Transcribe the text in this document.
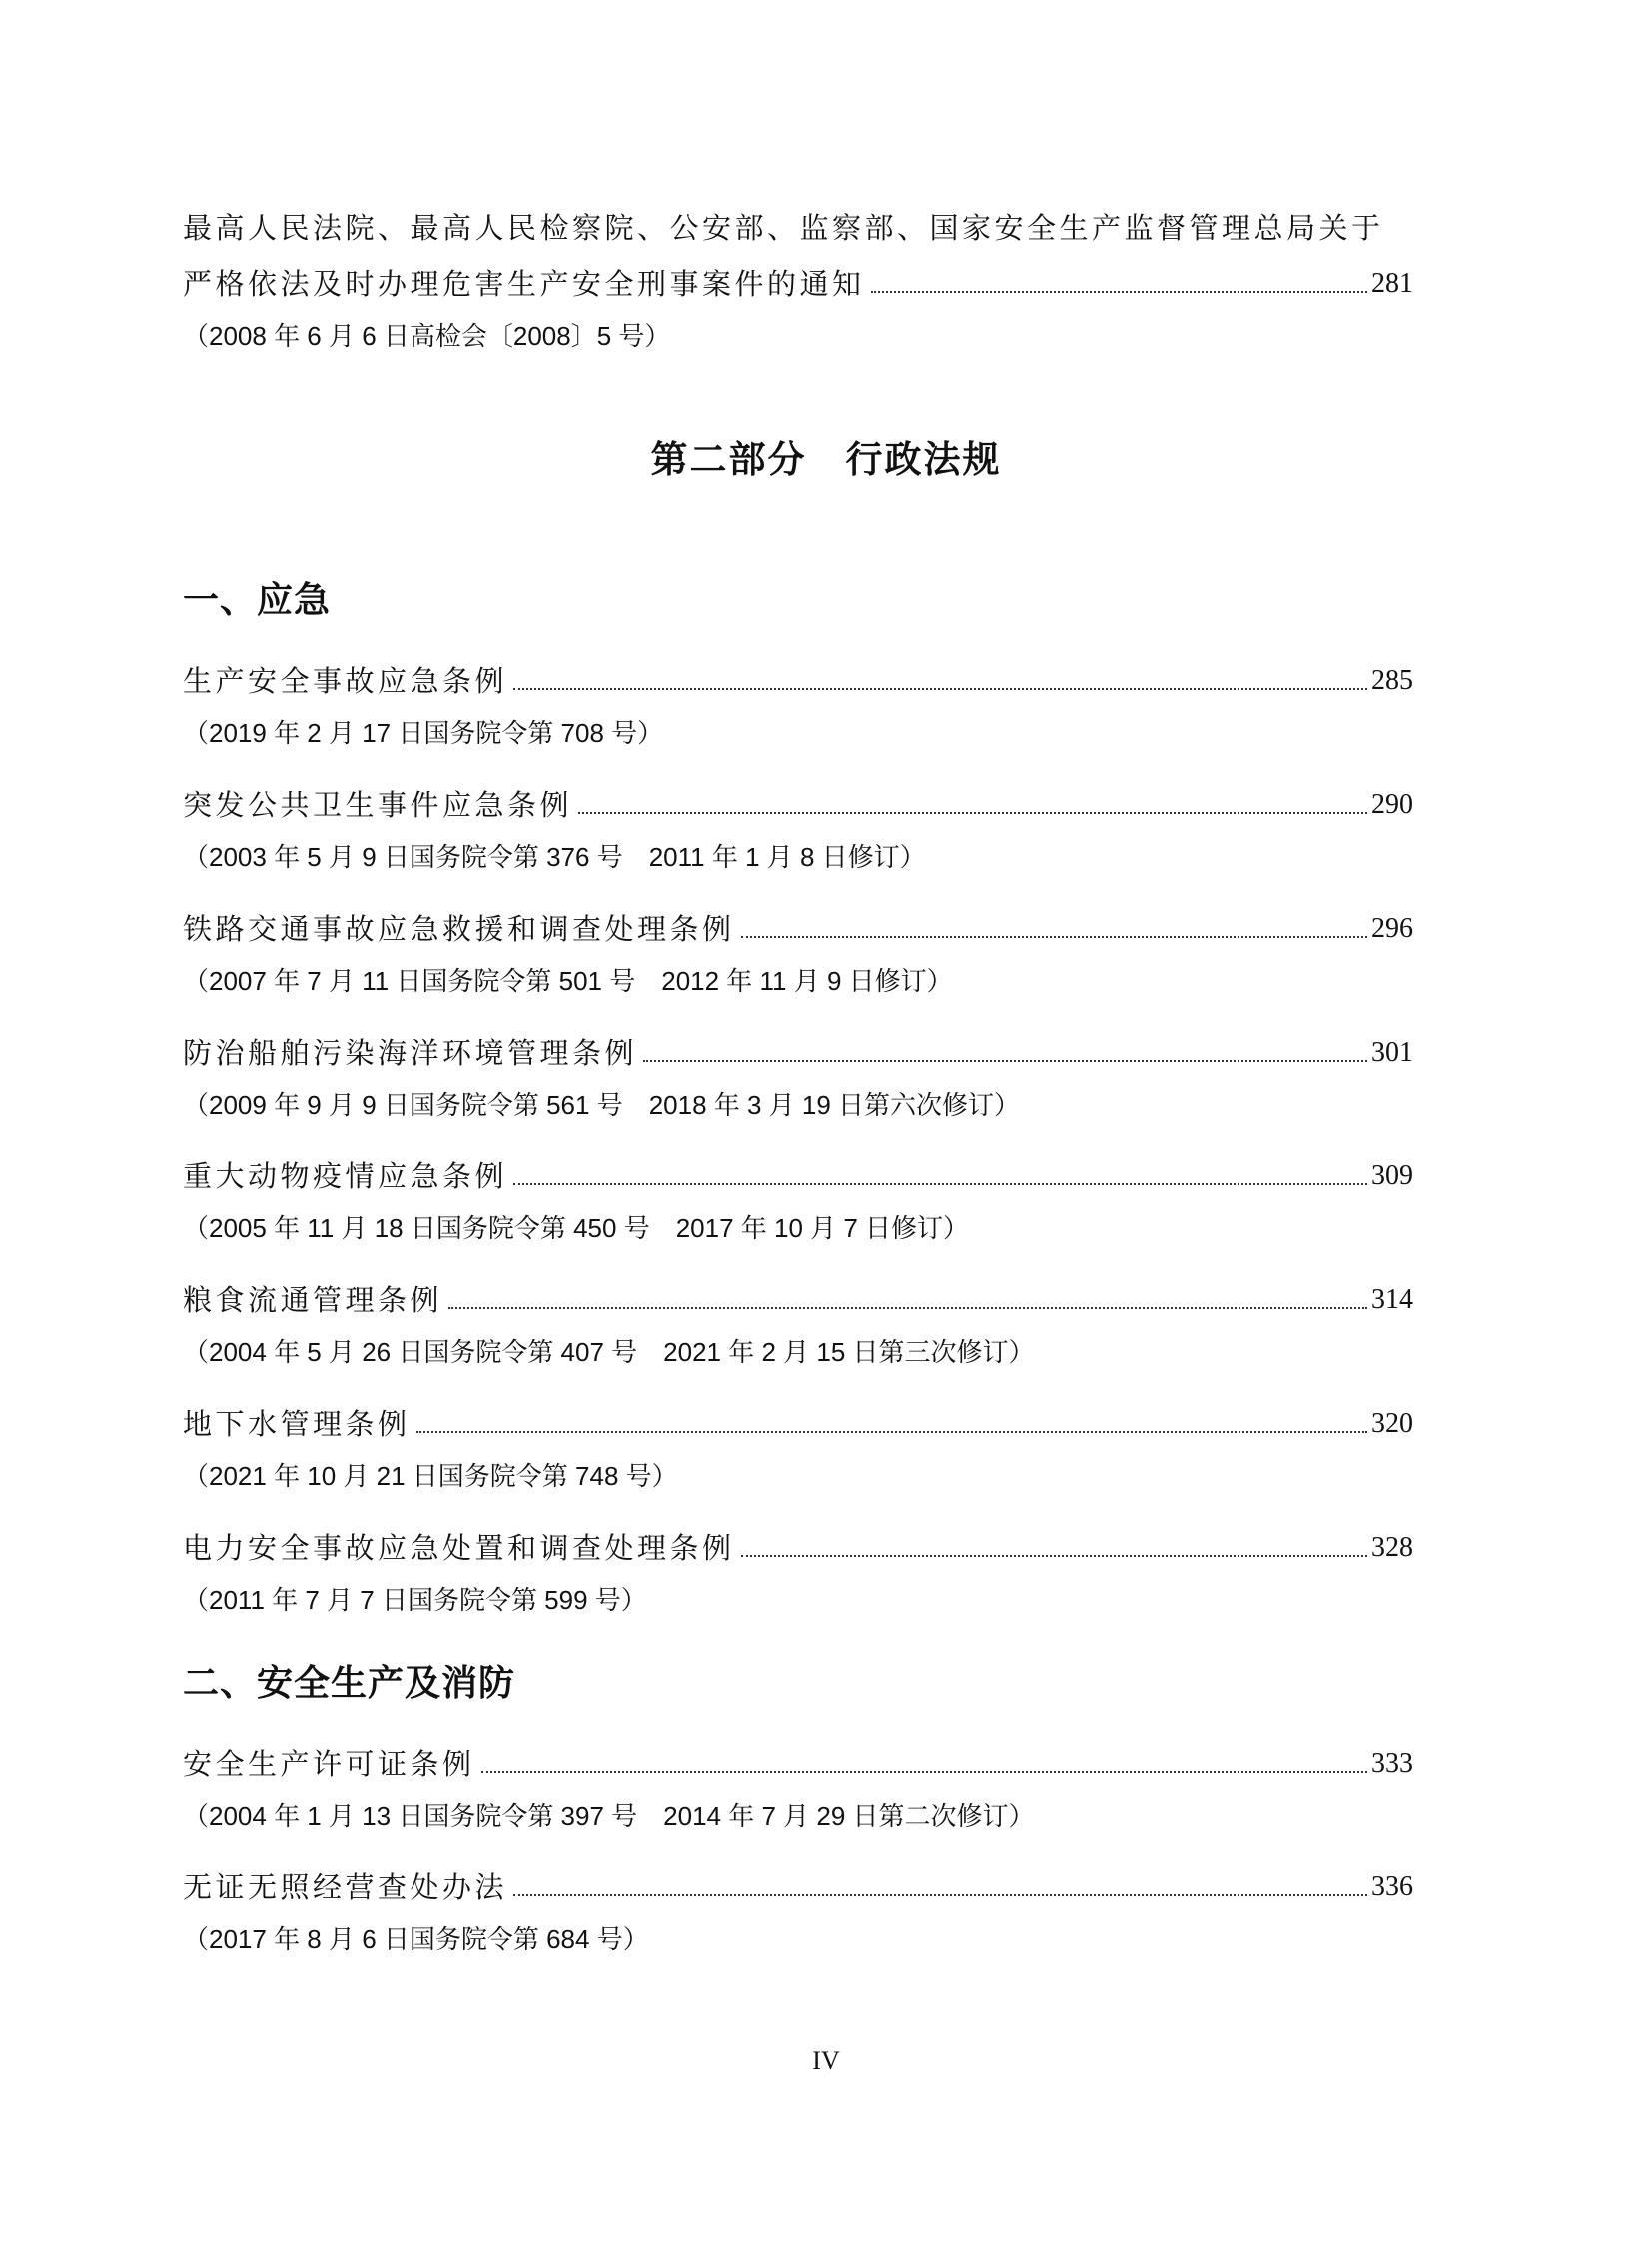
最高人民法院、最高人民检察院、公安部、监察部、国家安全生产监督管理总局关于
严格依法及时办理危害生产安全刑事案件的通知	281
（2008 年 6 月 6 日高检会〔2008〕5 号）
第二部分　行政法规
一、应急
生产安全事故应急条例	285
（2019 年 2 月 17 日国务院令第 708 号）
突发公共卫生事件应急条例	290
（2003 年 5 月 9 日国务院令第 376 号　2011 年 1 月 8 日修订）
铁路交通事故应急救援和调查处理条例	296
（2007 年 7 月 11 日国务院令第 501 号　2012 年 11 月 9 日修订）
防治船舶污染海洋环境管理条例	301
（2009 年 9 月 9 日国务院令第 561 号　2018 年 3 月 19 日第六次修订）
重大动物疫情应急条例	309
（2005 年 11 月 18 日国务院令第 450 号　2017 年 10 月 7 日修订）
粮食流通管理条例	314
（2004 年 5 月 26 日国务院令第 407 号　2021 年 2 月 15 日第三次修订）
地下水管理条例	320
（2021 年 10 月 21 日国务院令第 748 号）
电力安全事故应急处置和调查处理条例	328
（2011 年 7 月 7 日国务院令第 599 号）
二、安全生产及消防
安全生产许可证条例	333
（2004 年 1 月 13 日国务院令第 397 号　2014 年 7 月 29 日第二次修订）
无证无照经营查处办法	336
（2017 年 8 月 6 日国务院令第 684 号）
IV
